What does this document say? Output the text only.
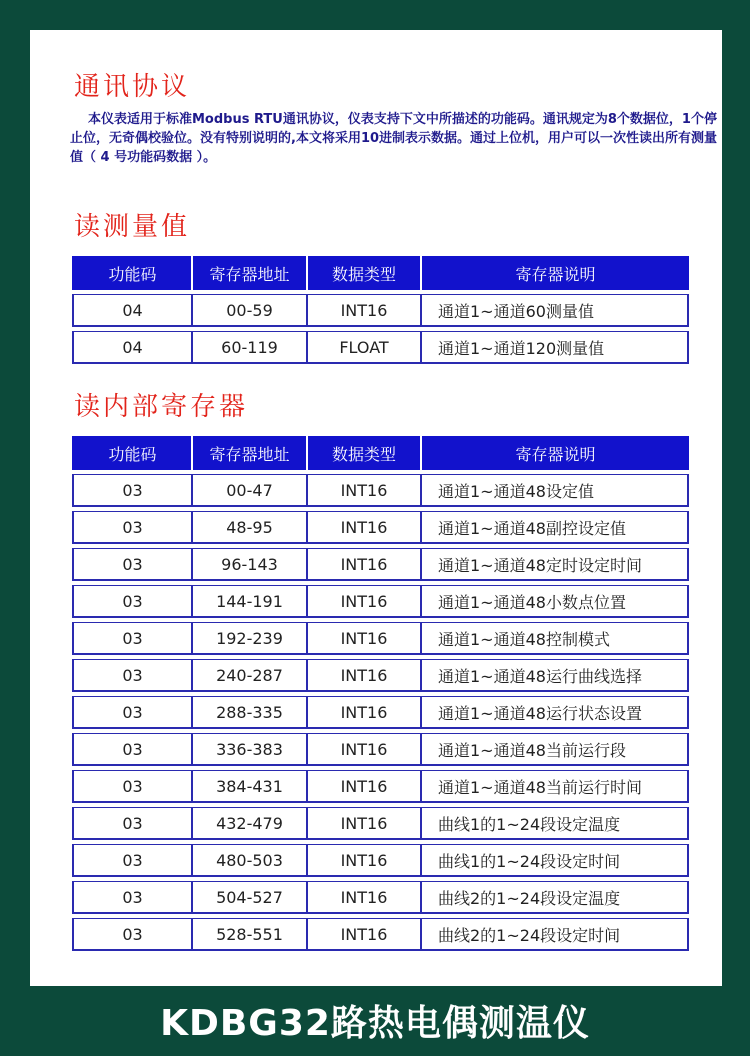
通讯协议
本仪表适用于标准Modbus RTU通讯协议，仪表支持下文中所描述的功能码。通讯规定为8个数据位，1个停止位，无奇偶校验位。没有特别说明的,本文将采用10进制表示数据。通过上位机，用户可以一次性读出所有测量值（ 4 号功能码数据 ）。
读测量值
功能码	寄存器地址	数据类型	寄存器说明
04	00-59	INT16	通道1~通道60测量值
04	60-119	FLOAT	通道1~通道120测量值
读内部寄存器
功能码	寄存器地址	数据类型	寄存器说明
03	00-47	INT16	通道1~通道48设定值
03	48-95	INT16	通道1~通道48副控设定值
03	96-143	INT16	通道1~通道48定时设定时间
03	144-191	INT16	通道1~通道48小数点位置
03	192-239	INT16	通道1~通道48控制模式
03	240-287	INT16	通道1~通道48运行曲线选择
03	288-335	INT16	通道1~通道48运行状态设置
03	336-383	INT16	通道1~通道48当前运行段
03	384-431	INT16	通道1~通道48当前运行时间
03	432-479	INT16	曲线1的1~24段设定温度
03	480-503	INT16	曲线1的1~24段设定时间
03	504-527	INT16	曲线2的1~24段设定温度
03	528-551	INT16	曲线2的1~24段设定时间
KDBG32路热电偶测温仪
